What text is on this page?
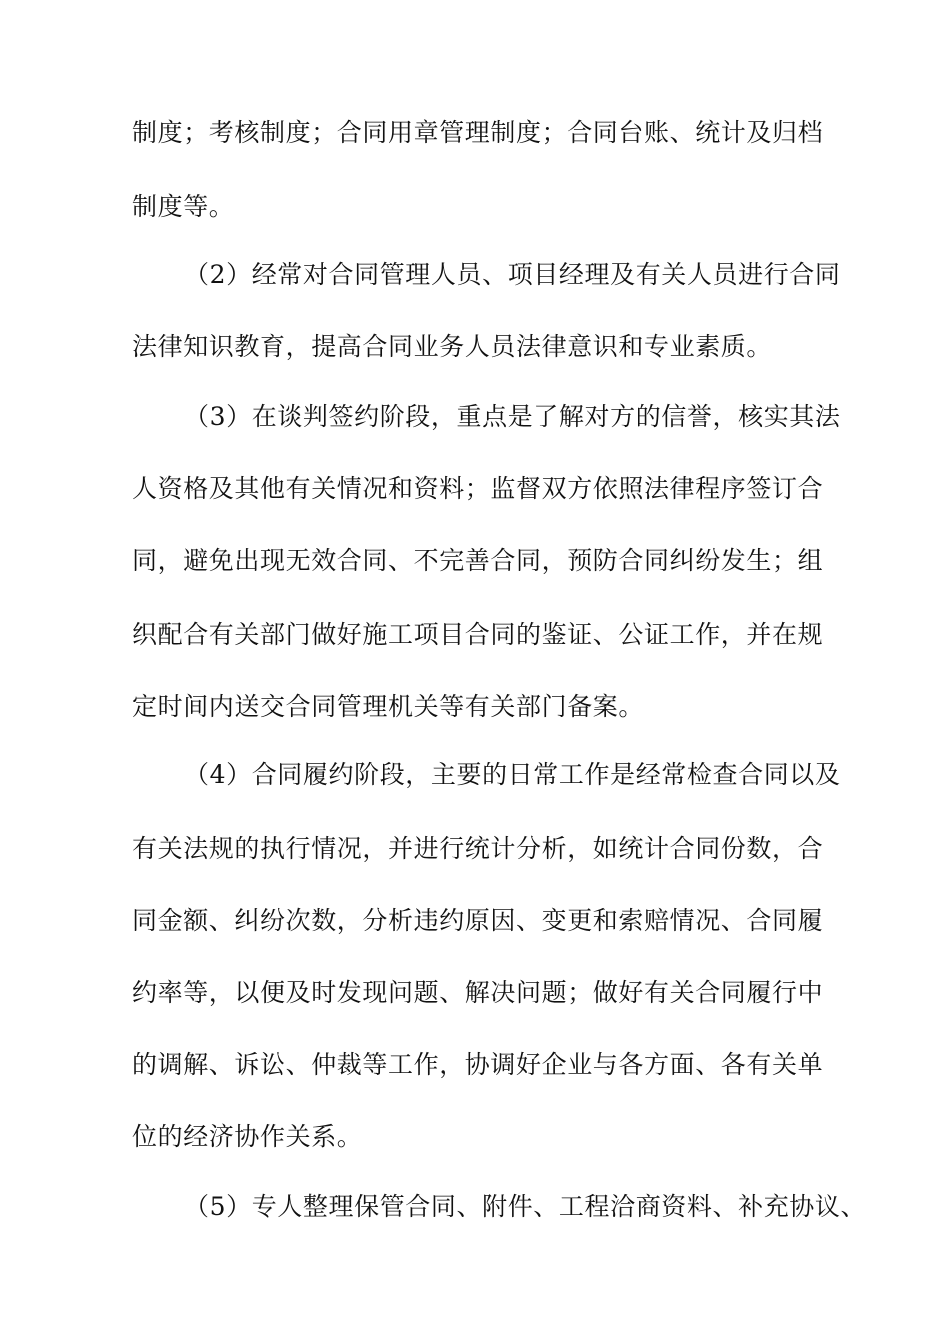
制度；考核制度；合同用章管理制度；合同台账、统计及归档
制度等。
（2）经常对合同管理人员、项目经理及有关人员进行合同
法律知识教育，提高合同业务人员法律意识和专业素质。
（3）在谈判签约阶段，重点是了解对方的信誉，核实其法
人资格及其他有关情况和资料；监督双方依照法律程序签订合
同，避免出现无效合同、不完善合同，预防合同纠纷发生；组
织配合有关部门做好施工项目合同的鉴证、公证工作，并在规
定时间内送交合同管理机关等有关部门备案。
（4）合同履约阶段，主要的日常工作是经常检查合同以及
有关法规的执行情况，并进行统计分析，如统计合同份数，合
同金额、纠纷次数，分析违约原因、变更和索赔情况、合同履
约率等，以便及时发现问题、解决问题；做好有关合同履行中
的调解、诉讼、仲裁等工作，协调好企业与各方面、各有关单
位的经济协作关系。
（5）专人整理保管合同、附件、工程洽商资料、补充协议、
